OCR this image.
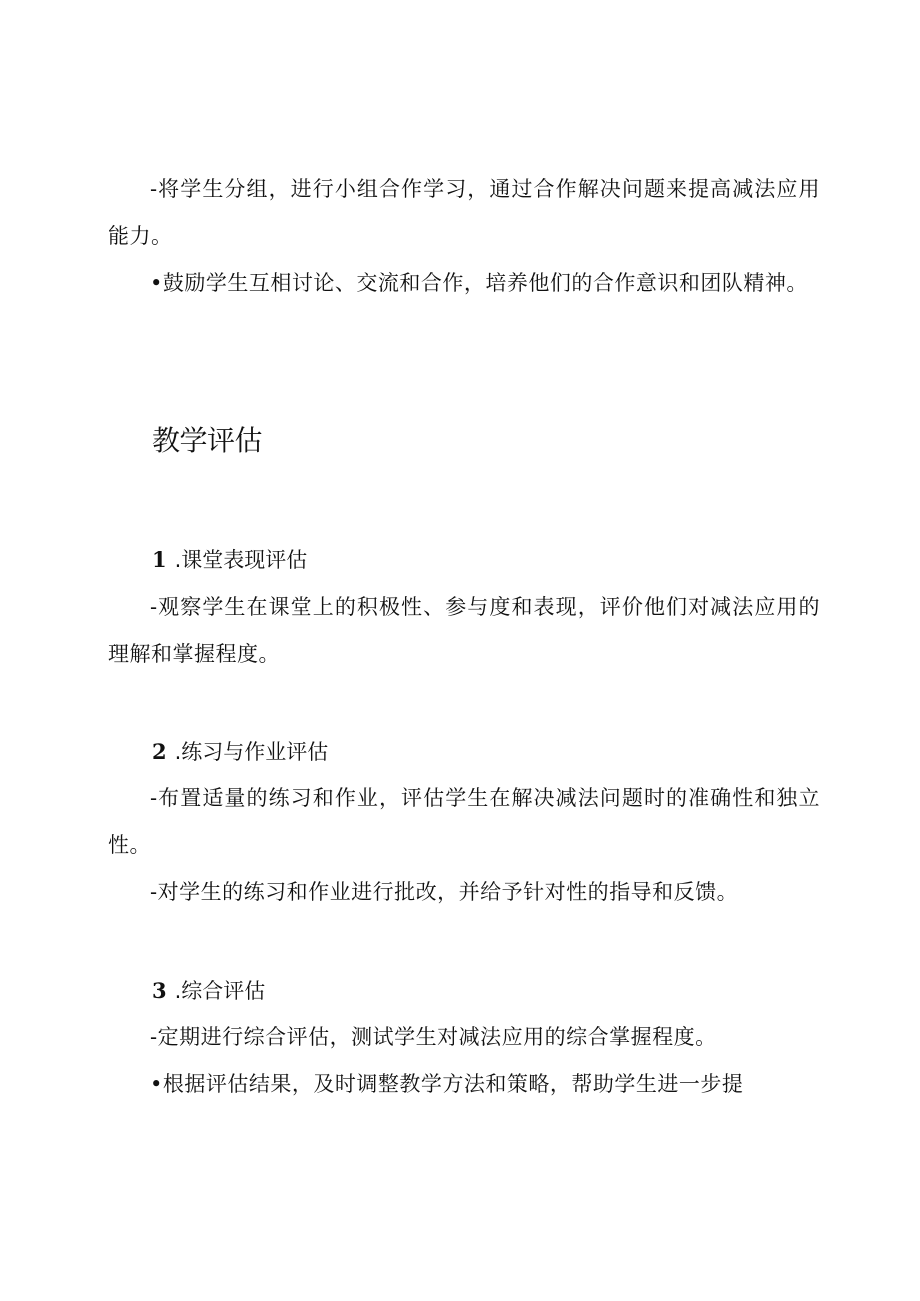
-将学生分组，进行小组合作学习，通过合作解决问题来提高减法应用能力。

•鼓励学生互相讨论、交流和合作，培养他们的合作意识和团队精神。

教学评估
1 .课堂表现评估

-观察学生在课堂上的积极性、参与度和表现，评价他们对减法应用的理解和掌握程度。

2 .练习与作业评估

-布置适量的练习和作业，评估学生在解决减法问题时的准确性和独立性。

-对学生的练习和作业进行批改，并给予针对性的指导和反馈。

3 .综合评估

-定期进行综合评估，测试学生对减法应用的综合掌握程度。

•根据评估结果，及时调整教学方法和策略，帮助学生进一步提
